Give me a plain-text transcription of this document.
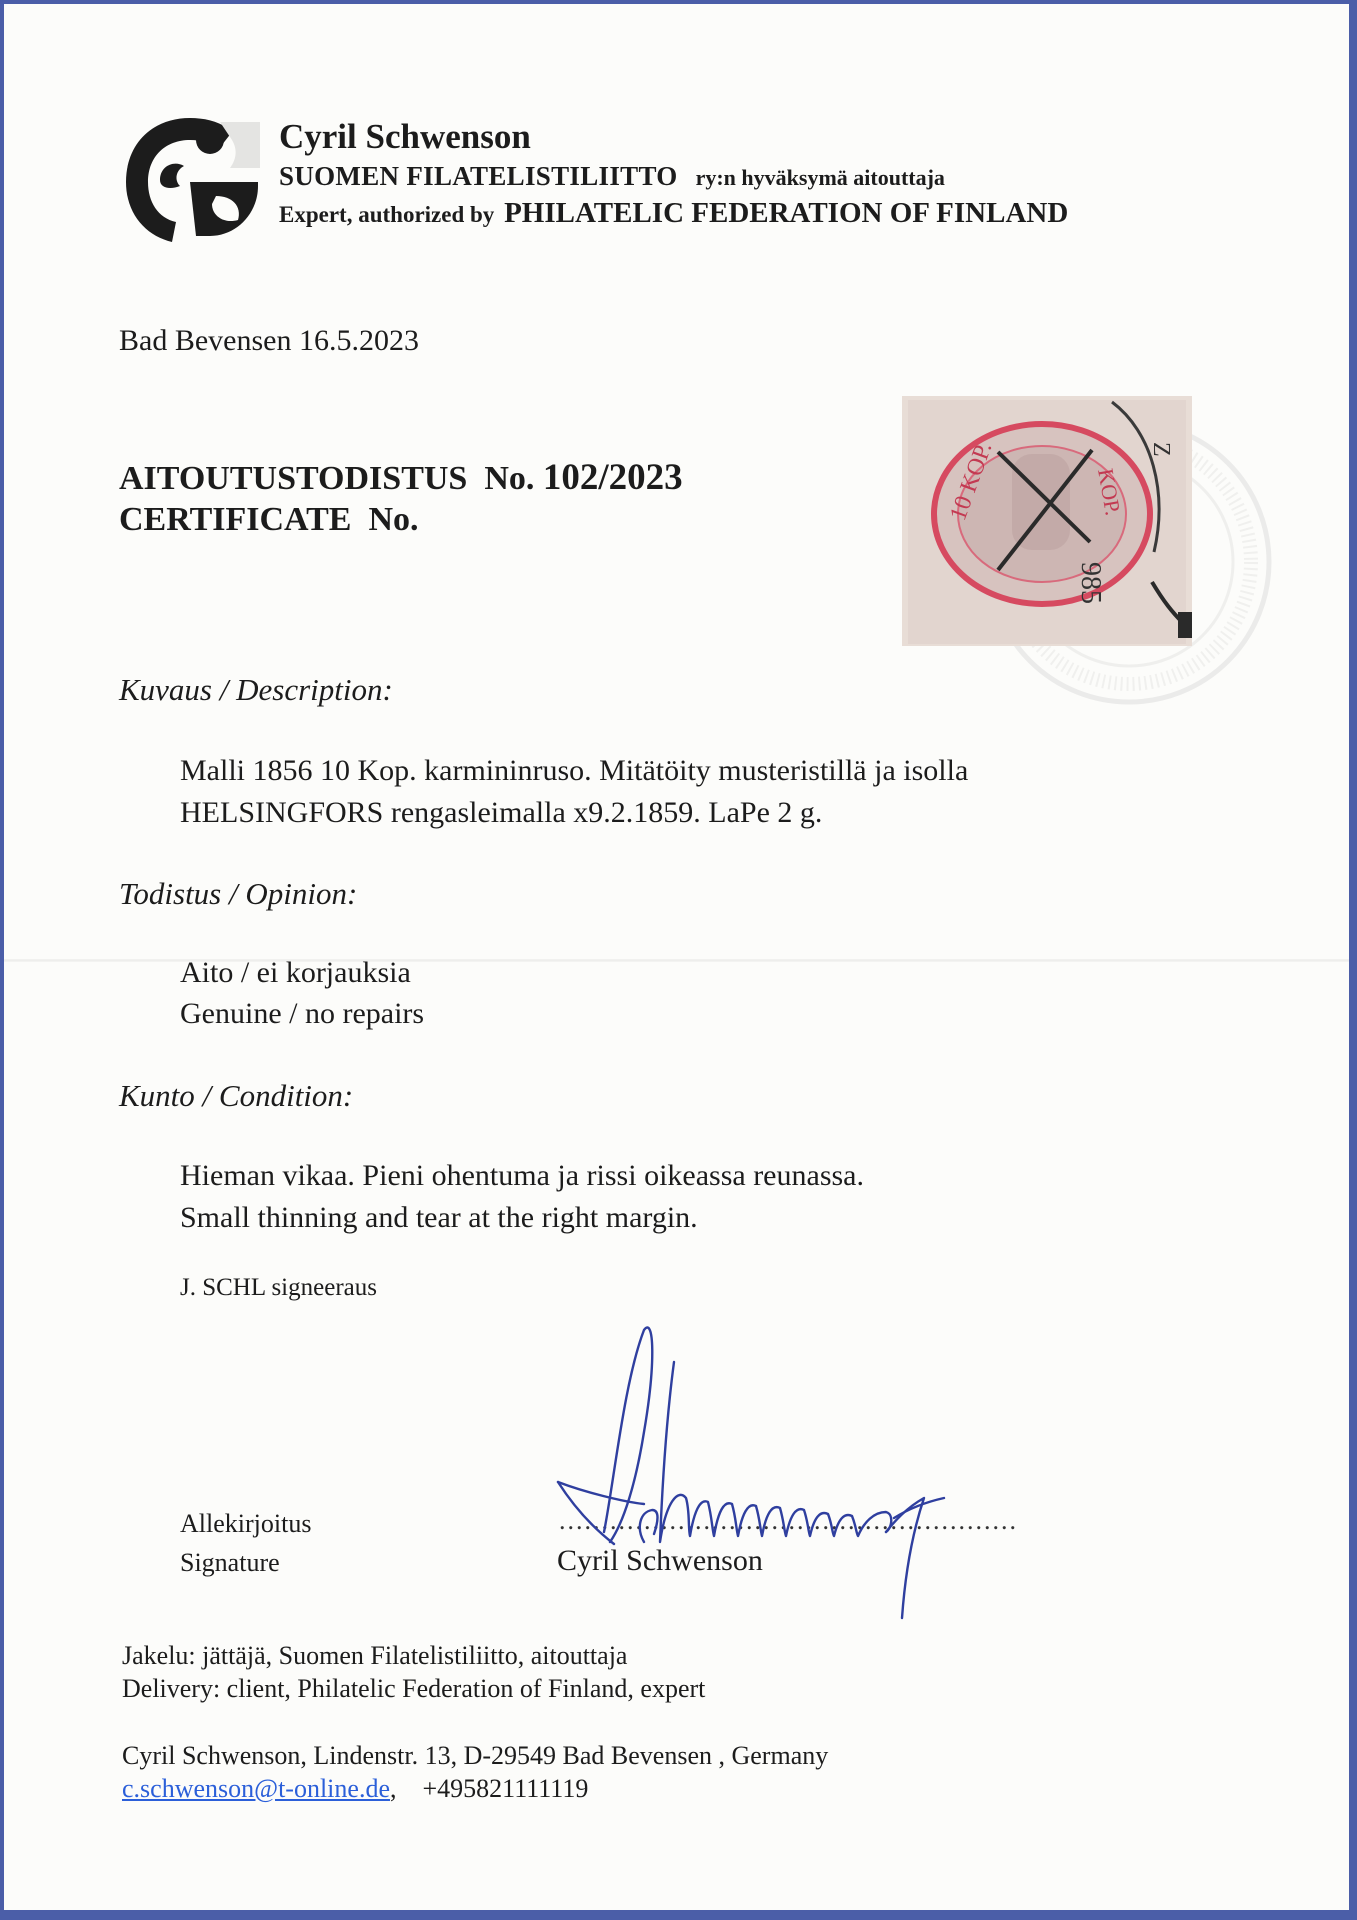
Cyril Schwenson
SUOMEN FILATELISTILIITTO ry:n hyväksymä aitouttaja
Expert, authorized by PHILATELIC FEDERATION OF FINLAND
Bad Bevensen 16.5.2023
AITOUTUSTODISTUS No. 102/2023
CERTIFICATE No.	10 KOP.	KOP.
Z
985
Kuvaus / Description:
Malli 1856 10 Kop. karmininruso. Mitätöity musteristillä ja isolla
HELSINGFORS rengasleimalla x9.2.1859. LaPe 2 g.
Todistus / Opinion:
Aito / ei korjauksia
Genuine / no repairs
Kunto / Condition:
Hieman vikaa. Pieni ohentuma ja rissi oikeassa reunassa.
Small thinning and tear at the right margin.
J. SCHL signeeraus
Allekirjoitus
Signature
......................................................
Cyril Schwenson
Jakelu: jättäjä, Suomen Filatelistiliitto, aitouttaja
Delivery: client, Philatelic Federation of Finland, expert
Cyril Schwenson, Lindenstr. 13, D-29549 Bad Bevensen , Germany
c.schwenson@t-online.de, +495821111119
